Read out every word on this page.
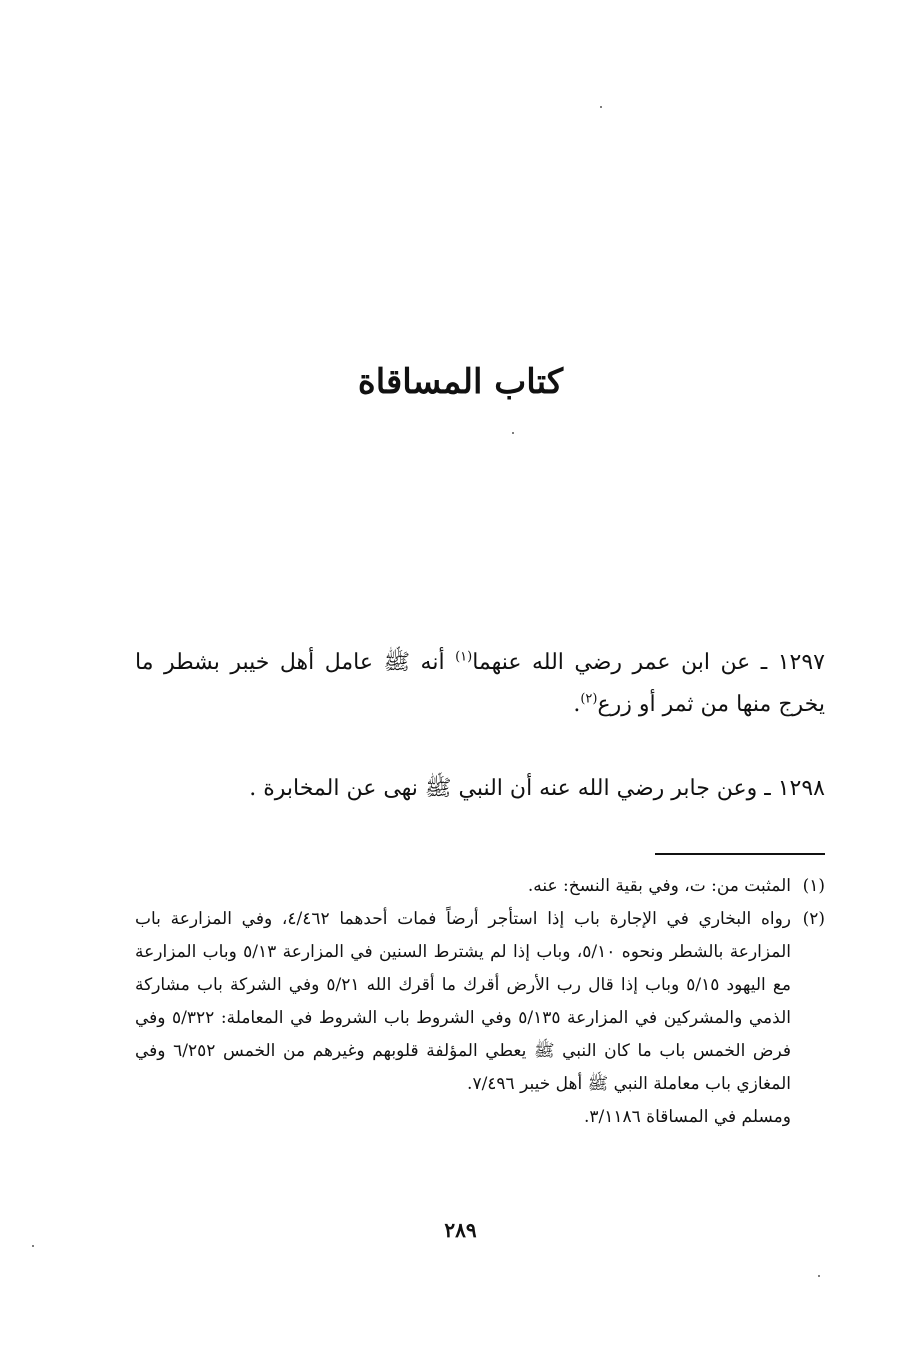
كتاب المساقاة

١٢٩٧ ـ عن ابن عمر رضي الله عنهما$^{(١)}$ أنه ﷺ عامل أهل خيبر بشطر ما يخرج منها من ثمر أو زرع$^{(٢)}$.

١٢٩٨ ـ وعن جابر رضي الله عنه أن النبي ﷺ نهى عن المخابرة .

(١)
المثبت من: ت، وفي بقية النسخ: عنه.
(٢)
رواه البخاري في الإجارة باب إذا استأجر أرضاً فمات أحدهما ٤/٤٦٢، وفي المزارعة باب المزارعة بالشطر ونحوه ٥/١٠، وباب إذا لم يشترط السنين في المزارعة ٥/١٣ وباب المزارعة مع اليهود ٥/١٥ وباب إذا قال رب الأرض أقرك ما أقرك الله ٥/٢١ وفي الشركة باب مشاركة الذمي والمشركين في المزارعة ٥/١٣٥ وفي الشروط باب الشروط في المعاملة: ٥/٣٢٢ وفي فرض الخمس باب ما كان النبي ﷺ يعطي المؤلفة قلوبهم وغيرهم من الخمس ٦/٢٥٢ وفي المغازي باب معاملة النبي ﷺ أهل خيبر ٧/٤٩٦.
ومسلم في المساقاة ٣/١١٨٦.
٢٨٩
